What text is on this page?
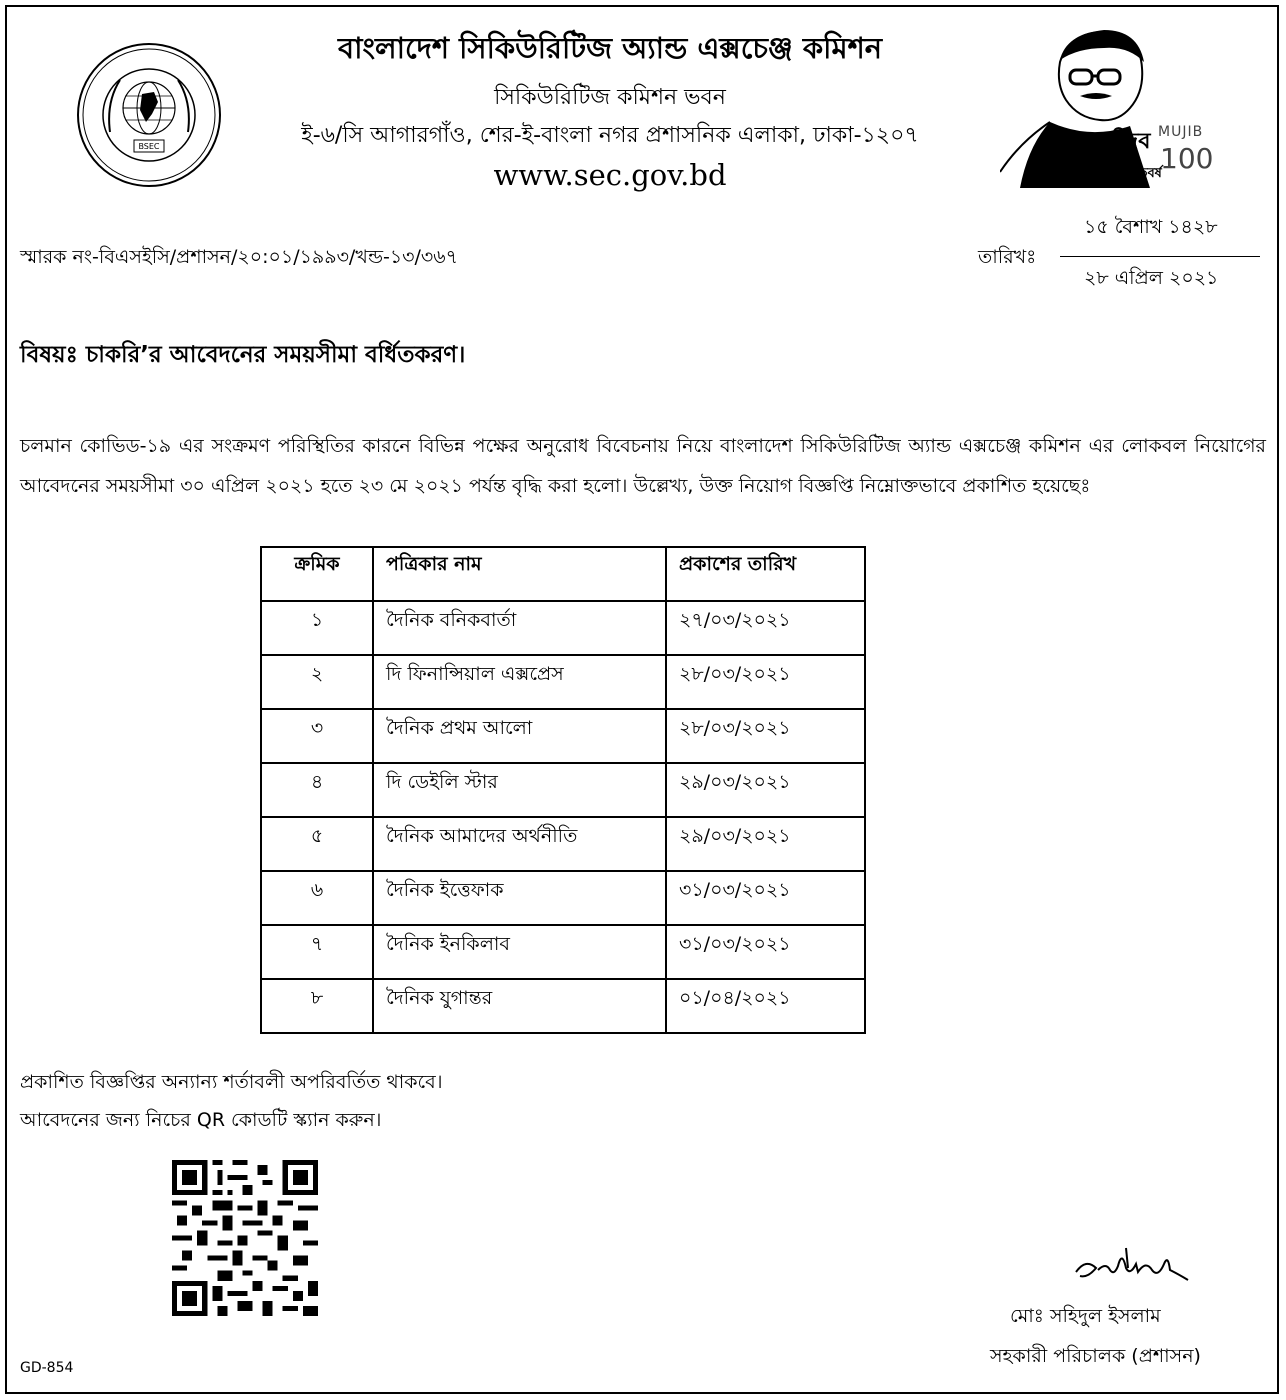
BSEC
বাংলাদেশ সিকিউরিটিজ অ্যান্ড এক্সচেঞ্জ কমিশন
সিকিউরিটিজ কমিশন ভবন
ই-৬/সি আগারগাঁও, শের-ই-বাংলা নগর প্রশাসনিক এলাকা, ঢাকা-১২০৭
www.sec.gov.bd
মুজিব MUJIB
100
শতবর্ষ
স্মারক নং-বিএসইসি/প্রশাসন/২০:০১/১৯৯৩/খন্ড-১৩/৩৬৭	তারিখঃ
১৫ বৈশাখ ১৪২৮
২৮ এপ্রিল ২০২১
বিষয়ঃ চাকরি’র আবেদনের সময়সীমা বর্ধিতকরণ।
চলমান কোভিড-১৯ এর সংক্রমণ পরিস্থিতির কারনে বিভিন্ন পক্ষের অনুরোধ বিবেচনায় নিয়ে বাংলাদেশ সিকিউরিটিজ অ্যান্ড এক্সচেঞ্জ কমিশন এর লোকবল নিয়োগের আবেদনের সময়সীমা ৩০ এপ্রিল ২০২১ হতে ২৩ মে ২০২১ পর্যন্ত বৃদ্ধি করা হলো। উল্লেখ্য, উক্ত নিয়োগ বিজ্ঞপ্তি নিম্নোক্তভাবে প্রকাশিত হয়েছেঃ
ক্রমিক	পত্রিকার নাম	প্রকাশের তারিখ
১	দৈনিক বনিকবার্তা	২৭/০৩/২০২১
২	দি ফিনান্সিয়াল এক্সপ্রেস	২৮/০৩/২০২১
৩	দৈনিক প্রথম আলো	২৮/০৩/২০২১
৪	দি ডেইলি স্টার	২৯/০৩/২০২১
৫	দৈনিক আমাদের অর্থনীতি	২৯/০৩/২০২১
৬	দৈনিক ইত্তেফাক	৩১/০৩/২০২১
৭	দৈনিক ইনকিলাব	৩১/০৩/২০২১
৮	দৈনিক যুগান্তর	০১/০৪/২০২১
প্রকাশিত বিজ্ঞপ্তির অন্যান্য শর্তাবলী অপরিবর্তিত থাকবে।
আবেদনের জন্য নিচের QR কোডটি স্ক্যান করুন।
মোঃ সহিদুল ইসলাম
সহকারী পরিচালক (প্রশাসন)
GD-854
